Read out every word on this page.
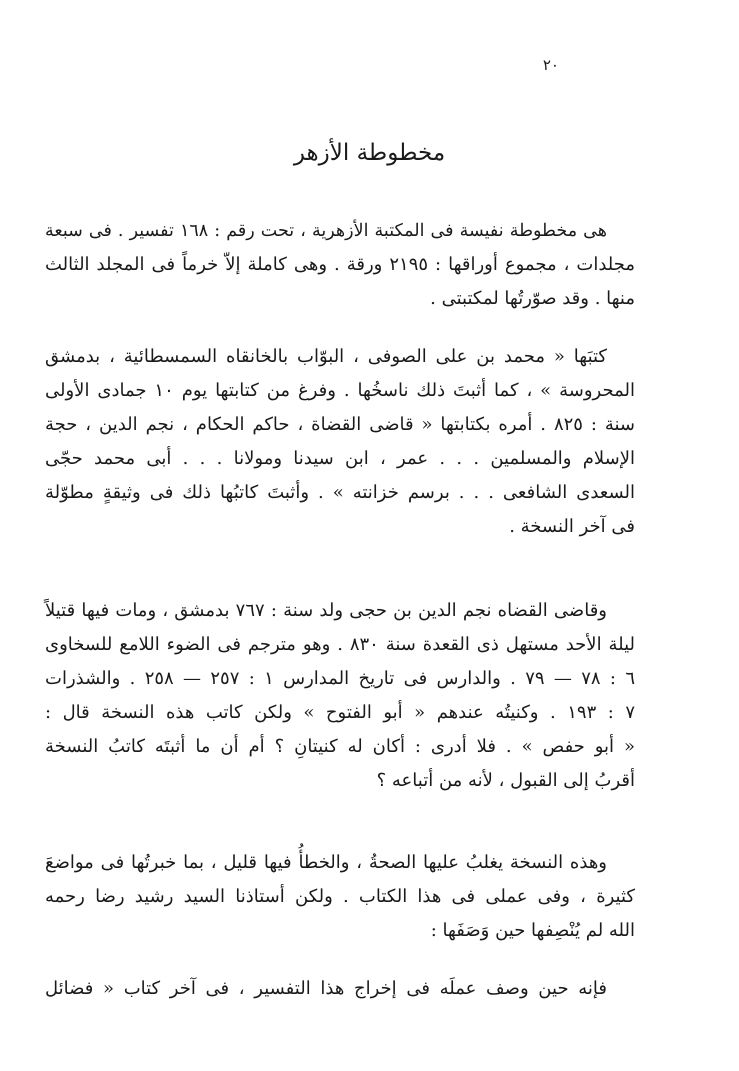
٢٠
مخطوطة الأزهر
هى مخطوطة نفيسة فى المكتبة الأزهرية ، تحت رقم : ١٦٨ تفسير . فى سبعة
مجلدات ، مجموع أوراقها : ٢١٩٥ ورقة . وهى كاملة إلاّ خرماً فى المجلد الثالث
منها . وقد صوّرتُها لمكتبتى .
كتبَها « محمد بن على الصوفى ، البوّاب بالخانقاه السمسطائية ، بدمشق
المحروسة » ، كما أثبتَ ذلك ناسخُها . وفرغ من كتابتها يوم ١٠ جمادى الأولى
سنة : ٨٢٥ . أمره بكتابتها « قاضى القضاة ، حاكم الحكام ، نجم الدين ، حجة
الإسلام والمسلمين . . . عمر ، ابن سيدنا ومولانا . . . أبى محمد حجّى
السعدى الشافعى . . . برسم خزانته » . وأثبتَ كاتبُها ذلك فى وثيقةٍ مطوّلة
فى آخر النسخة .
وقاضى القضاه نجم الدين بن حجى ولد سنة : ٧٦٧ بدمشق ، ومات فيها قتيلاً
ليلة الأحد مستهل ذى القعدة سنة ٨٣٠ . وهو مترجم فى الضوء اللامع للسخاوى
٦ : ٧٨ — ٧٩ . والدارس فى تاريخ المدارس ١ : ٢٥٧ — ٢٥٨ . والشذرات
٧ : ١٩٣ . وكنيتُه عندهم « أبو الفتوح » ولكن كاتب هذه النسخة قال :
« أبو حفص » . فلا أدرى : أكان له كنيتانِ ؟ أم أن ما أثبتَه كاتبُ النسخة
أقربُ إلى القبول ، لأنه من أتباعه ؟
وهذه النسخة يغلبُ عليها الصحةُ ، والخطأُ فيها قليل ، بما خبرتُها فى مواضعَ
كثيرة ، وفى عملى فى هذا الكتاب . ولكن أستاذنا السيد رشيد رضا رحمه
الله لم يُنْصِفها حين وَصَفَها :
فإنه حين وصف عملَه فى إخراج هذا التفسير ، فى آخر كتاب « فضائل
